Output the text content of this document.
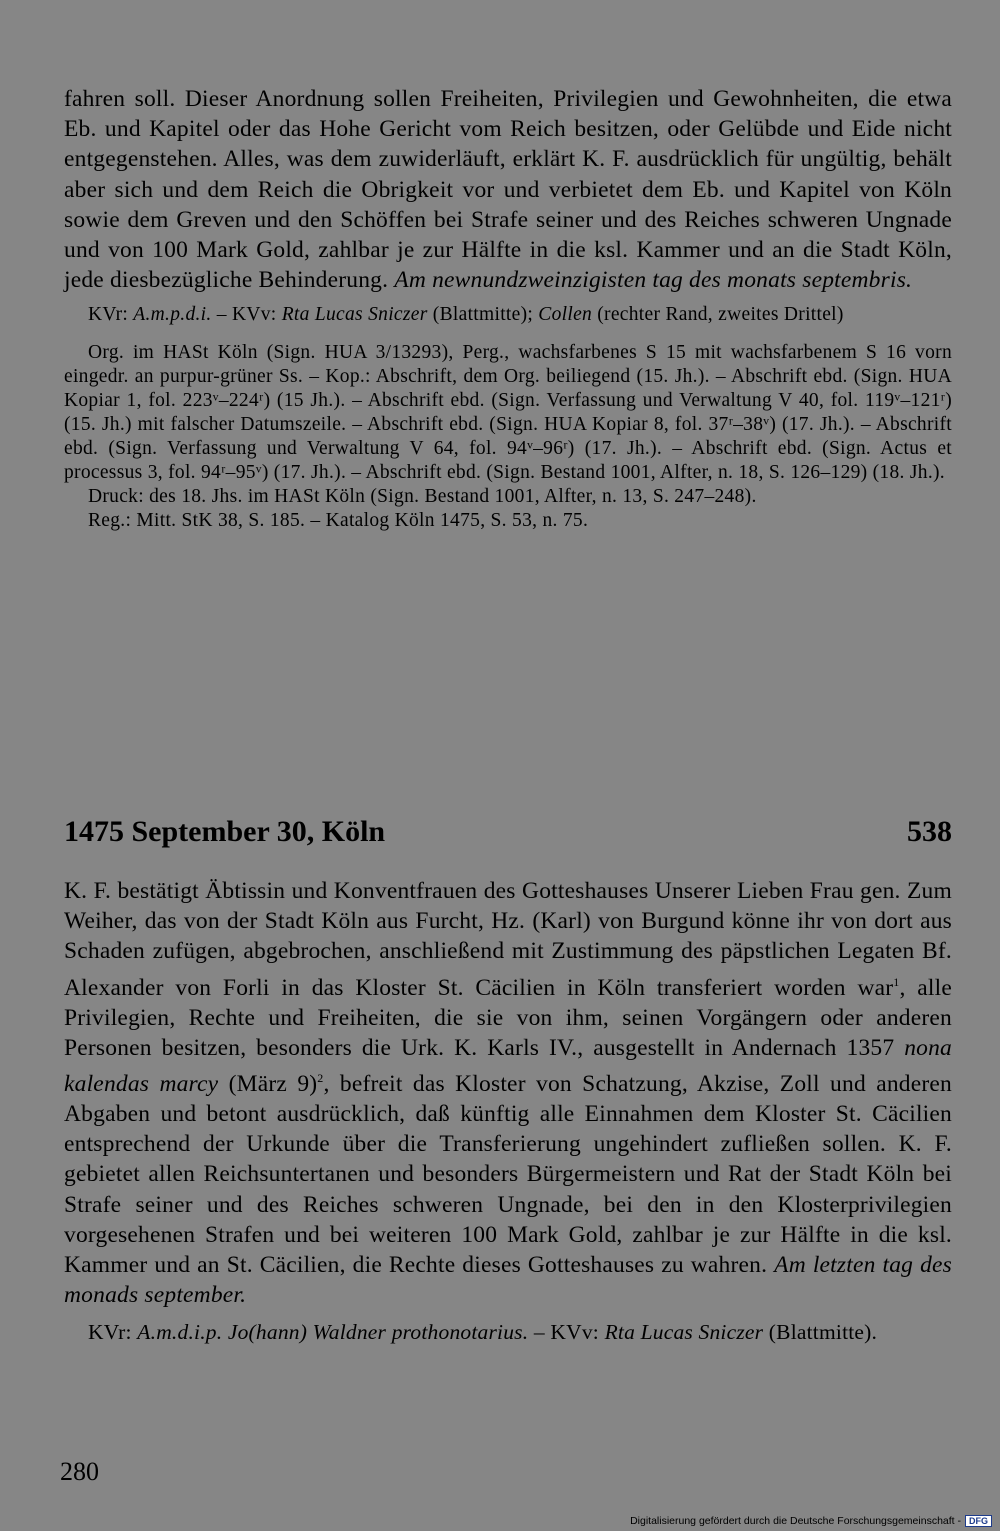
fahren soll. Dieser Anordnung sollen Freiheiten, Privilegien und Gewohnheiten, die etwa Eb. und Kapitel oder das Hohe Gericht vom Reich besitzen, oder Gelübde und Eide nicht entgegenstehen. Alles, was dem zuwiderläuft, erklärt K. F. ausdrücklich für ungültig, behält aber sich und dem Reich die Obrigkeit vor und verbietet dem Eb. und Kapitel von Köln sowie dem Greven und den Schöffen bei Strafe seiner und des Reiches schweren Ungnade und von 100 Mark Gold, zahlbar je zur Hälfte in die ksl. Kammer und an die Stadt Köln, jede diesbezügliche Behinderung. Am newnundzweinzigisten tag des monats septembris.

KVr: A.m.p.d.i. – KVv: Rta Lucas Sniczer (Blattmitte); Collen (rechter Rand, zweites Drittel)

Org. im HASt Köln (Sign. HUA 3/13293), Perg., wachsfarbenes S 15 mit wachsfarbenem S 16 vorn eingedr. an purpur-grüner Ss. – Kop.: Abschrift, dem Org. beiliegend (15. Jh.). – Abschrift ebd. (Sign. HUA Kopiar 1, fol. 223ᵛ–224ʳ) (15 Jh.). – Abschrift ebd. (Sign. Verfassung und Verwaltung V 40, fol. 119ᵛ–121ʳ) (15. Jh.) mit falscher Datumszeile. – Abschrift ebd. (Sign. HUA Kopiar 8, fol. 37ʳ–38ᵛ) (17. Jh.). – Abschrift ebd. (Sign. Verfassung und Verwaltung V 64, fol. 94ᵛ–96ʳ) (17. Jh.). – Abschrift ebd. (Sign. Actus et processus 3, fol. 94ʳ–95ᵛ) (17. Jh.). – Abschrift ebd. (Sign. Bestand 1001, Alfter, n. 18, S. 126–129) (18. Jh.).

Druck: des 18. Jhs. im HASt Köln (Sign. Bestand 1001, Alfter, n. 13, S. 247–248).

Reg.: Mitt. StK 38, S. 185. – Katalog Köln 1475, S. 53, n. 75.

1475 September 30, Köln	538

K. F. bestätigt Äbtissin und Konventfrauen des Gotteshauses Unserer Lieben Frau gen. Zum Weiher, das von der Stadt Köln aus Furcht, Hz. (Karl) von Burgund könne ihr von dort aus Schaden zufügen, abgebrochen, anschließend mit Zustimmung des päpstlichen Legaten Bf. Alexander von Forli in das Kloster St. Cäcilien in Köln transferiert worden war$^1$, alle Privilegien, Rechte und Freiheiten, die sie von ihm, seinen Vorgängern oder anderen Personen besitzen, besonders die Urk. K. Karls IV., ausgestellt in Andernach 1357 nona kalendas marcy (März 9)$^2$, befreit das Kloster von Schatzung, Akzise, Zoll und anderen Abgaben und betont ausdrücklich, daß künftig alle Einnahmen dem Kloster St. Cäcilien entsprechend der Urkunde über die Transferierung ungehindert zufließen sollen. K. F. gebietet allen Reichsuntertanen und besonders Bürgermeistern und Rat der Stadt Köln bei Strafe seiner und des Reiches schweren Ungnade, bei den in den Klosterprivilegien vorgesehenen Strafen und bei weiteren 100 Mark Gold, zahlbar je zur Hälfte in die ksl. Kammer und an St. Cäcilien, die Rechte dieses Gotteshauses zu wahren. Am letzten tag des monads september.

KVr: A.m.d.i.p. Jo(hann) Waldner prothonotarius. – KVv: Rta Lucas Sniczer (Blattmitte).

280
Digitalisierung gefördert durch die Deutsche Forschungsgemeinschaft - DFG
